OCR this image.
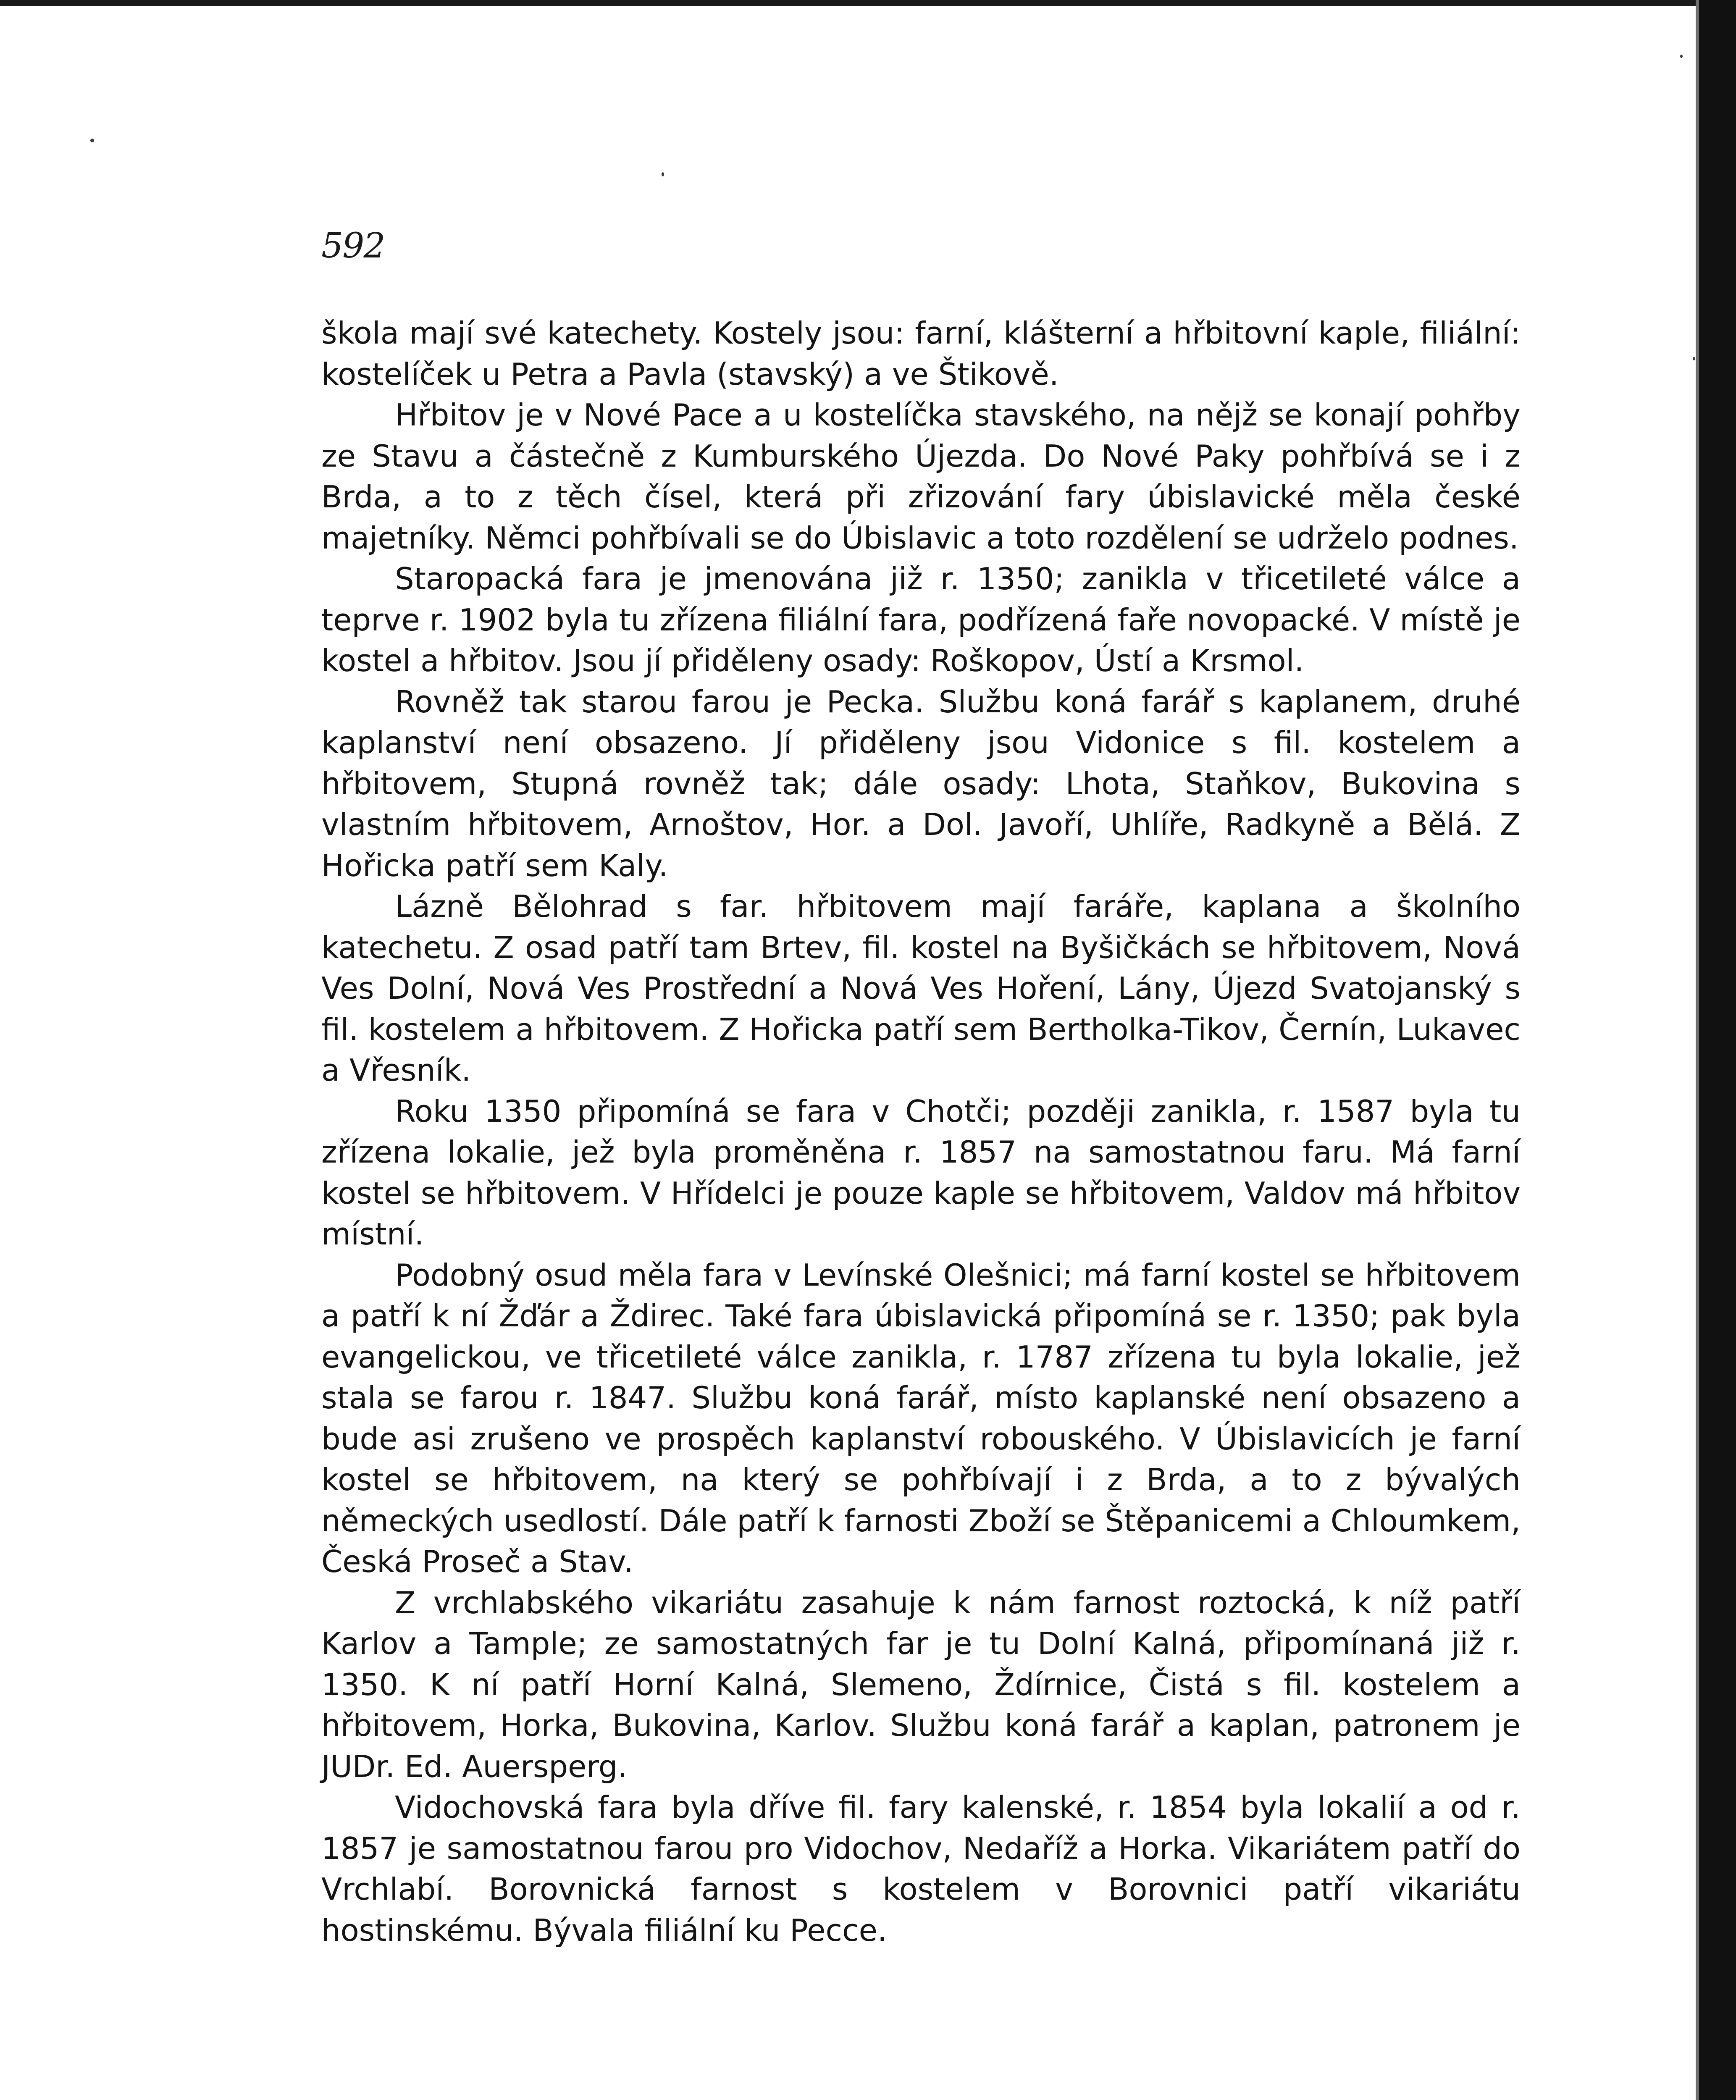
592

škola mají své katechety. Kostely jsou: farní, klášterní a hřbitovní kaple, filiální: kostelíček u Petra a Pavla (stavský) a ve Štikově.

Hřbitov je v Nové Pace a u kostelíčka stavského, na nějž se konají pohřby ze Stavu a částečně z Kumburského Újezda. Do Nové Paky pohřbívá se i z Brda, a to z těch čísel, která při zřizování fary úbislavické měla české majetníky. Němci pohřbívali se do Úbislavic a toto rozdělení se udrželo podnes.

Staropacká fara je jmenována již r. 1350; zanikla v třicetileté válce a teprve r. 1902 byla tu zřízena filiální fara, podřízená faře novopacké. V místě je kostel a hřbitov. Jsou jí přiděleny osady: Roškopov, Ústí a Krsmol.

Rovněž tak starou farou je Pecka. Službu koná farář s kaplanem, druhé kaplanství není obsazeno. Jí přiděleny jsou Vidonice s fil. kostelem a hřbitovem, Stupná rovněž tak; dále osady: Lhota, Staňkov, Bukovina s vlastním hřbitovem, Arnoštov, Hor. a Dol. Javoří, Uhlíře, Radkyně a Bělá. Z Hořicka patří sem Kaly.

Lázně Bělohrad s far. hřbitovem mají faráře, kaplana a školního katechetu. Z osad patří tam Brtev, fil. kostel na Byšičkách se hřbitovem, Nová Ves Dolní, Nová Ves Prostřední a Nová Ves Hoření, Lány, Újezd Svatojanský s fil. kostelem a hřbitovem. Z Hořicka patří sem Bertholka-Tikov, Černín, Lukavec a Vřesník.

Roku 1350 připomíná se fara v Chotči; později zanikla, r. 1587 byla tu zřízena lokalie, jež byla proměněna r. 1857 na samostatnou faru. Má farní kostel se hřbitovem. V Hřídelci je pouze kaple se hřbitovem, Valdov má hřbitov místní.

Podobný osud měla fara v Levínské Olešnici; má farní kostel se hřbitovem a patří k ní Žďár a Ždirec. Také fara úbislavická připomíná se r. 1350; pak byla evangelickou, ve třicetileté válce zanikla, r. 1787 zřízena tu byla lokalie, jež stala se farou r. 1847. Službu koná farář, místo kaplanské není obsazeno a bude asi zrušeno ve prospěch kaplanství robouského. V Úbislavicích je farní kostel se hřbitovem, na který se pohřbívají i z Brda, a to z bývalých německých usedlostí. Dále patří k farnosti Zboží se Štěpanicemi a Chloumkem, Česká Proseč a Stav.

Z vrchlabského vikariátu zasahuje k nám farnost roztocká, k níž patří Karlov a Tample; ze samostatných far je tu Dolní Kalná, připomínaná již r. 1350. K ní patří Horní Kalná, Slemeno, Ždírnice, Čistá s fil. kostelem a hřbitovem, Horka, Bukovina, Karlov. Službu koná farář a kaplan, patronem je JUDr. Ed. Auersperg.

Vidochovská fara byla dříve fil. fary kalenské, r. 1854 byla lokalií a od r. 1857 je samostatnou farou pro Vidochov, Nedaříž a Horka. Vikariátem patří do Vrchlabí. Borovnická farnost s kostelem v Borovnici patří vikariátu hostinskému. Bývala filiální ku Pecce.
